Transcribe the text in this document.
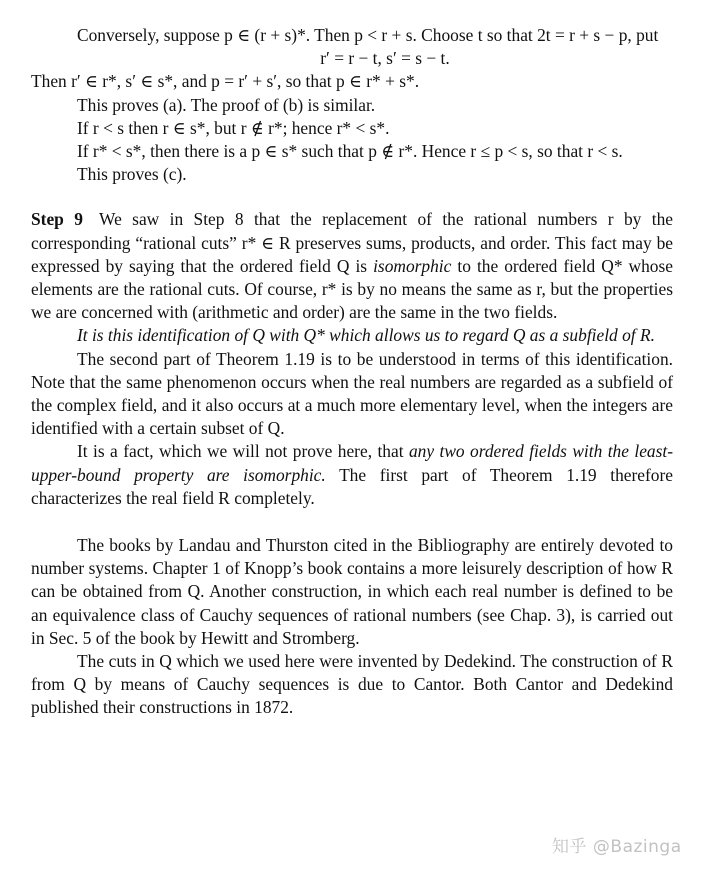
Conversely, suppose p ∈ (r + s)*. Then p < r + s. Choose t so that 2t = r + s − p, put

r′ = r − t, s′ = s − t.

Then r′ ∈ r*, s′ ∈ s*, and p = r′ + s′, so that p ∈ r* + s*.

This proves (a). The proof of (b) is similar.

If r < s then r ∈ s*, but r ∉ r*; hence r* < s*.

If r* < s*, then there is a p ∈ s* such that p ∉ r*. Hence r ≤ p < s, so that r < s.

This proves (c).

Step 9 We saw in Step 8 that the replacement of the rational numbers r by the corresponding “rational cuts” r* ∈ R preserves sums, products, and order. This fact may be expressed by saying that the ordered field Q is isomorphic to the ordered field Q* whose elements are the rational cuts. Of course, r* is by no means the same as r, but the properties we are concerned with (arithmetic and order) are the same in the two fields.

It is this identification of Q with Q* which allows us to regard Q as a subfield of R.

The second part of Theorem 1.19 is to be understood in terms of this identification. Note that the same phenomenon occurs when the real numbers are regarded as a subfield of the complex field, and it also occurs at a much more elementary level, when the integers are identified with a certain subset of Q.

It is a fact, which we will not prove here, that any two ordered fields with the least-upper-bound property are isomorphic. The first part of Theorem 1.19 therefore characterizes the real field R completely.

The books by Landau and Thurston cited in the Bibliography are entirely devoted to number systems. Chapter 1 of Knopp’s book contains a more leisurely description of how R can be obtained from Q. Another construction, in which each real number is defined to be an equivalence class of Cauchy sequences of rational numbers (see Chap. 3), is carried out in Sec. 5 of the book by Hewitt and Stromberg.

The cuts in Q which we used here were invented by Dedekind. The construction of R from Q by means of Cauchy sequences is due to Cantor. Both Cantor and Dedekind published their constructions in 1872.

知乎 @Bazinga
